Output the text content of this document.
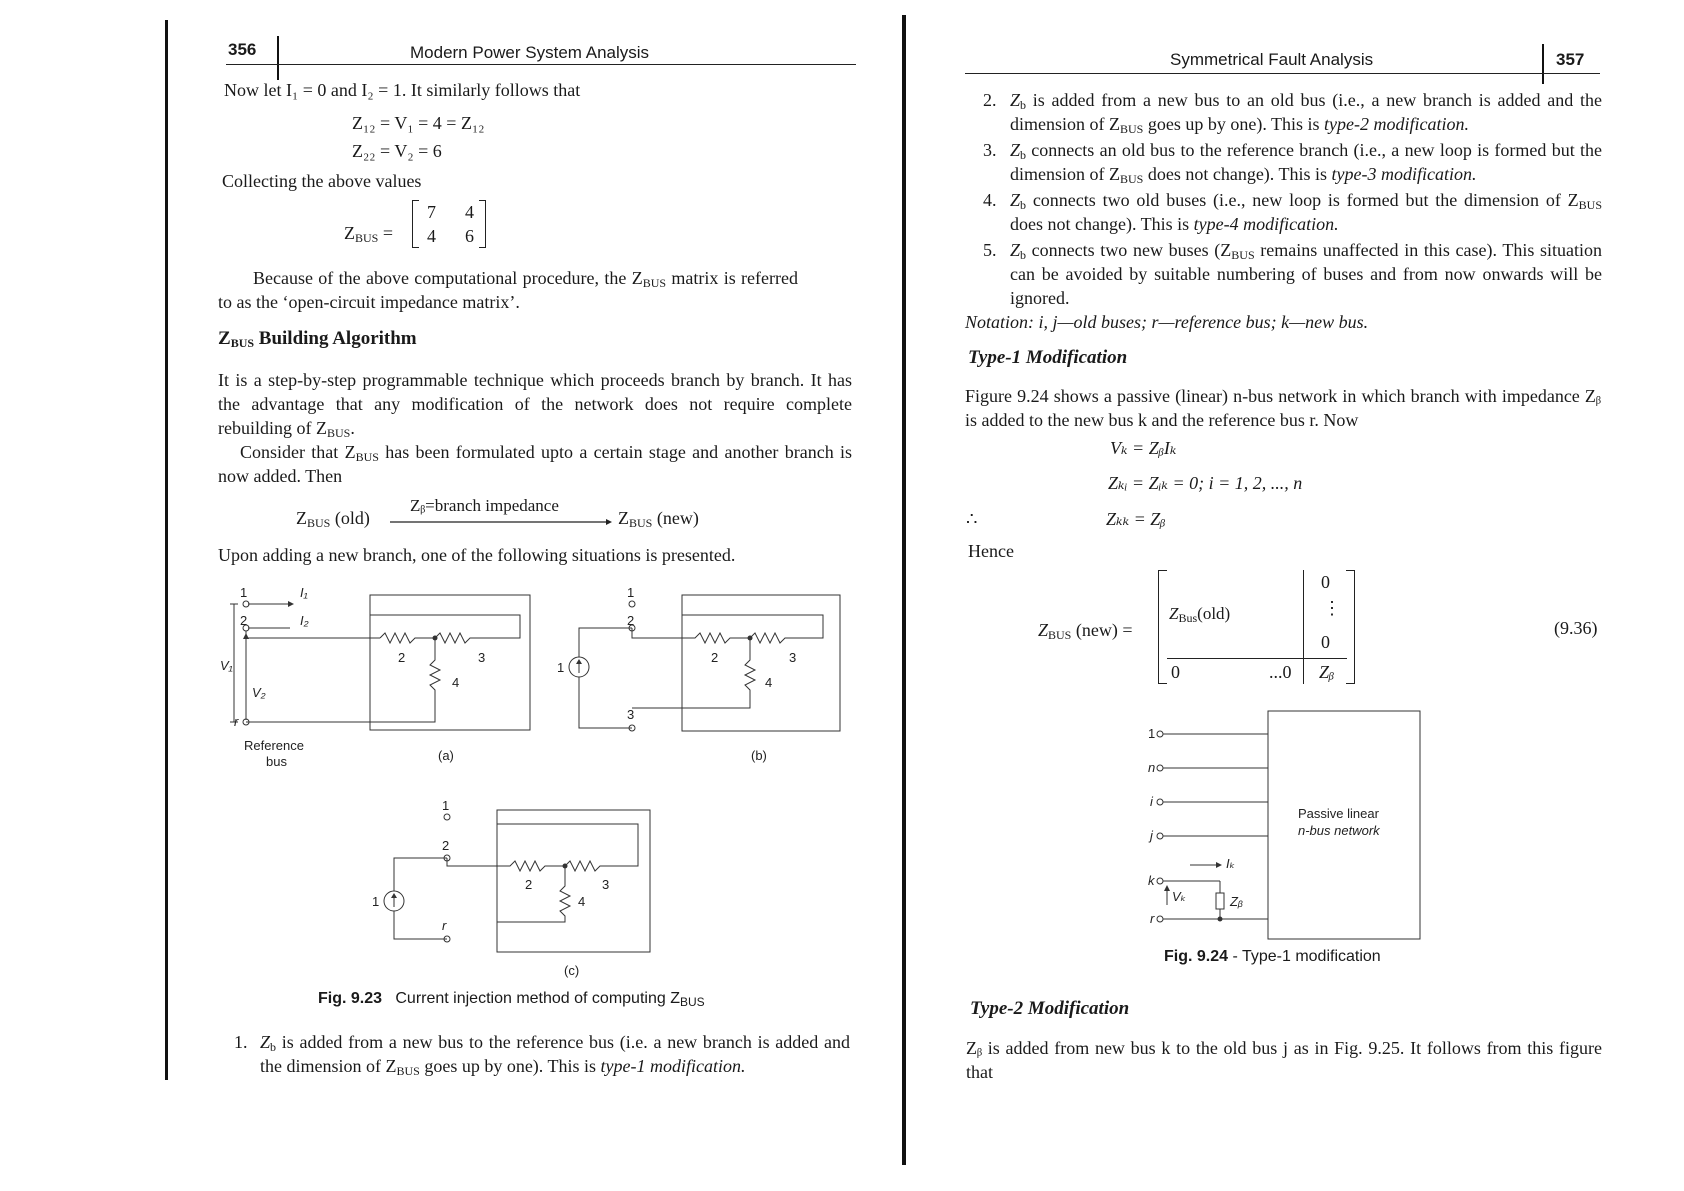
356	Modern Power System Analysis
Now let I₁ = 0 and I₂ = 1. It similarly follows that
Z₁₂ = V₁ = 4 = Z₁₂
Z₂₂ = V₂ = 6
Collecting the above values
$Z_{BUS}$ =
7 4
4 6
Because of the above computational procedure, the $Z_{BUS}$ matrix is referred to as the ‘open-circuit impedance matrix’.
$Z_{BUS}$ Building Algorithm
It is a step-by-step programmable technique which proceeds branch by branch. It has the advantage that any modification of the network does not require complete rebuilding of $Z_{BUS}$.
Consider that $Z_{BUS}$ has been formulated upto a certain stage and another branch is now added. Then
$Z_{BUS}$ (old)
Zᵦ=branch impedance
$Z_{BUS}$ (new)
Upon adding a new branch, one of the following situations is presented.
1	I₁
2	I₂
V₁
V₂
r
2	3
4
Reference
bus	(a)
1
2
1
3
2	3
4
(b)
1
2
1
r
2	3
4
(c)
Fig. 9.23 Current injection method of computing $Z_{BUS}$
1. $Z_b$ is added from a new bus to the reference bus (i.e. a new branch is added and the dimension of $Z_{BUS}$ goes up by one). This is type-1 modification.
Symmetrical Fault Analysis	357
2. $Z_b$ is added from a new bus to an old bus (i.e., a new branch is added and the dimension of $Z_{BUS}$ goes up by one). This is type-2 modification.
3. $Z_b$ connects an old bus to the reference branch (i.e., a new loop is formed but the dimension of $Z_{BUS}$ does not change). This is type-3 modification.
4. $Z_b$ connects two old buses (i.e., new loop is formed but the dimension of $Z_{BUS}$ does not change). This is type-4 modification.
5. $Z_b$ connects two new buses ($Z_{BUS}$ remains unaffected in this case). This situation can be avoided by suitable numbering of buses and from now onwards will be ignored.
Notation: i, j—old buses; r—reference bus; k—new bus.
Type-1 Modification
Figure 9.24 shows a passive (linear) n-bus network in which branch with impedance Zᵦ is added to the new bus k and the reference bus r. Now
Vₖ = ZᵦIₖ
Zₖᵢ = Zᵢₖ = 0; i = 1, 2, ..., n
∴	Zₖₖ = Zᵦ
Hence
$Z_{BUS}$ (new) =
$Z_{Bus}(old)$
0
⋮
0
0	...0 Zᵦ
(9.36)
1
n
i
j
Iₖ
k
Zᵦ
Vₖ
r
Passive linear
n-bus network
Fig. 9.24 - Type-1 modification
Type-2 Modification
Zᵦ is added from new bus k to the old bus j as in Fig. 9.25. It follows from this figure that
